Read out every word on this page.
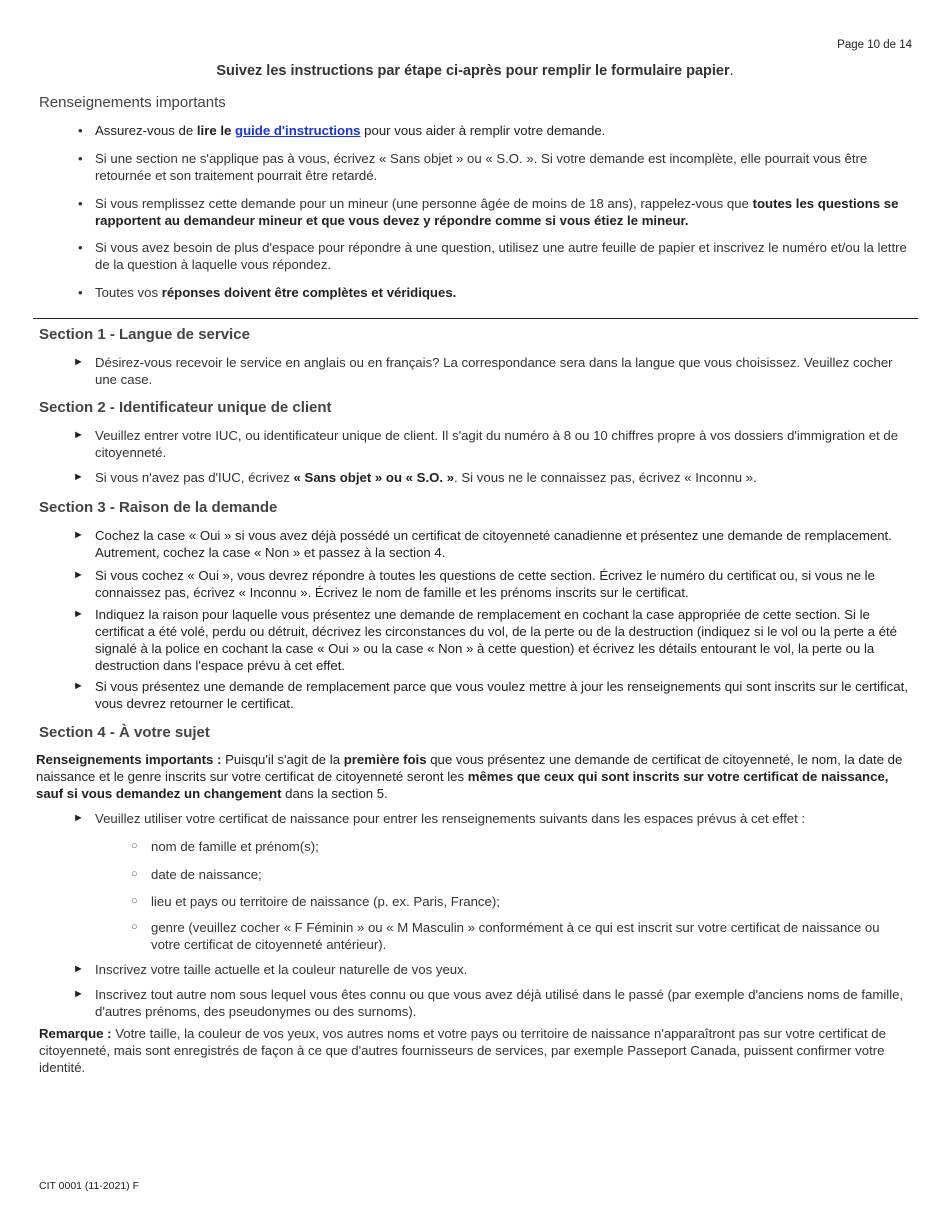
Page 10 de 14
Suivez les instructions par étape ci-après pour remplir le formulaire papier.
Renseignements importants
• Assurez-vous de lire le guide d'instructions pour vous aider à remplir votre demande.
• Si une section ne s'applique pas à vous, écrivez « Sans objet » ou « S.O. ». Si votre demande est incomplète, elle pourrait vous être retournée et son traitement pourrait être retardé.
• Si vous remplissez cette demande pour un mineur (une personne âgée de moins de 18 ans), rappelez-vous que toutes les questions se rapportent au demandeur mineur et que vous devez y répondre comme si vous étiez le mineur.
• Si vous avez besoin de plus d'espace pour répondre à une question, utilisez une autre feuille de papier et inscrivez le numéro et/ou la lettre de la question à laquelle vous répondez.
• Toutes vos réponses doivent être complètes et véridiques.
Section 1 - Langue de service
► Désirez-vous recevoir le service en anglais ou en français? La correspondance sera dans la langue que vous choisissez. Veuillez cocher une case.
Section 2 - Identificateur unique de client
► Veuillez entrer votre IUC, ou identificateur unique de client. Il s'agit du numéro à 8 ou 10 chiffres propre à vos dossiers d'immigration et de citoyenneté.
► Si vous n'avez pas d'IUC, écrivez « Sans objet » ou « S.O. ». Si vous ne le connaissez pas, écrivez « Inconnu ».
Section 3 - Raison de la demande
► Cochez la case « Oui » si vous avez déjà possédé un certificat de citoyenneté canadienne et présentez une demande de remplacement. Autrement, cochez la case « Non » et passez à la section 4.
► Si vous cochez « Oui », vous devrez répondre à toutes les questions de cette section. Écrivez le numéro du certificat ou, si vous ne le connaissez pas, écrivez « Inconnu ». Écrivez le nom de famille et les prénoms inscrits sur le certificat.
► Indiquez la raison pour laquelle vous présentez une demande de remplacement en cochant la case appropriée de cette section. Si le certificat a été volé, perdu ou détruit, décrivez les circonstances du vol, de la perte ou de la destruction (indiquez si le vol ou la perte a été signalé à la police en cochant la case « Oui » ou la case « Non » à cette question) et écrivez les détails entourant le vol, la perte ou la destruction dans l'espace prévu à cet effet.
► Si vous présentez une demande de remplacement parce que vous voulez mettre à jour les renseignements qui sont inscrits sur le certificat, vous devrez retourner le certificat.
Section 4 - À votre sujet
Renseignements importants : Puisqu'il s'agit de la première fois que vous présentez une demande de certificat de citoyenneté, le nom, la date de naissance et le genre inscrits sur votre certificat de citoyenneté seront les mêmes que ceux qui sont inscrits sur votre certificat de naissance, sauf si vous demandez un changement dans la section 5.
► Veuillez utiliser votre certificat de naissance pour entrer les renseignements suivants dans les espaces prévus à cet effet :
○ nom de famille et prénom(s);
○ date de naissance;
○ lieu et pays ou territoire de naissance (p. ex. Paris, France);
○ genre (veuillez cocher « F Féminin » ou « M Masculin » conformément à ce qui est inscrit sur votre certificat de naissance ou votre certificat de citoyenneté antérieur).
► Inscrivez votre taille actuelle et la couleur naturelle de vos yeux.
► Inscrivez tout autre nom sous lequel vous êtes connu ou que vous avez déjà utilisé dans le passé (par exemple d'anciens noms de famille, d'autres prénoms, des pseudonymes ou des surnoms).
Remarque : Votre taille, la couleur de vos yeux, vos autres noms et votre pays ou territoire de naissance n'apparaîtront pas sur votre certificat de citoyenneté, mais sont enregistrés de façon à ce que d'autres fournisseurs de services, par exemple Passeport Canada, puissent confirmer votre identité.
CIT 0001 (11-2021) F
